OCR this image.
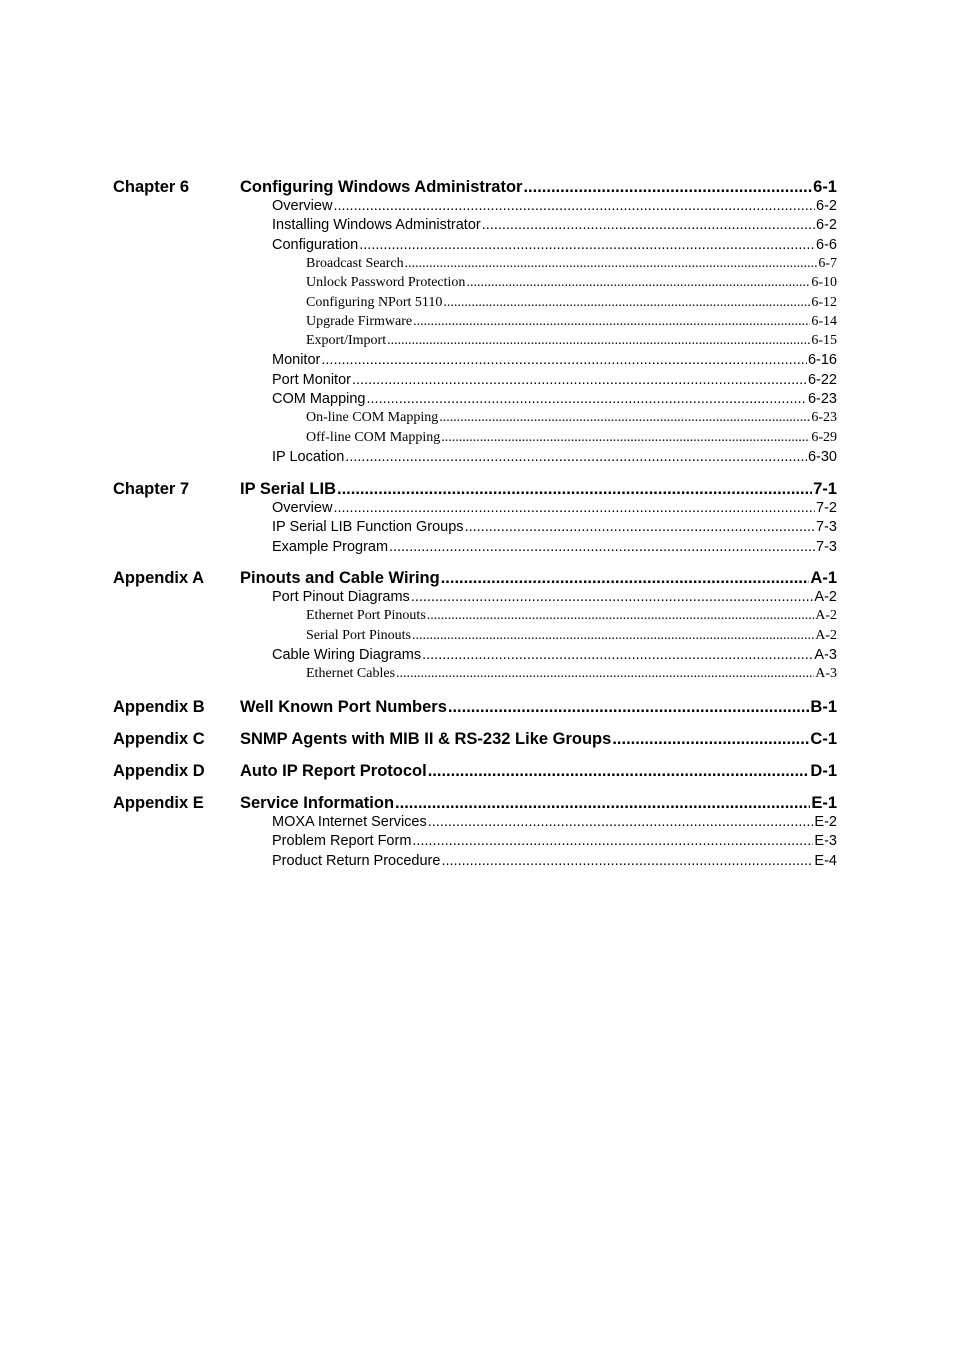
Chapter 6	Configuring Windows Administrator .....	6-1
Overview .....	6-2
Installing Windows Administrator .....	6-2
Configuration .....	6-6
Broadcast Search .....	6-7
Unlock Password Protection .....	6-10
Configuring NPort 5110 .....	6-12
Upgrade Firmware .....	6-14
Export/Import .....	6-15
Monitor .....	6-16
Port Monitor .....	6-22
COM Mapping .....	6-23
On-line COM Mapping .....	6-23
Off-line COM Mapping .....	6-29
IP Location .....	6-30
Chapter 7	IP Serial LIB .....	7-1
Overview .....	7-2
IP Serial LIB Function Groups .....	7-3
Example Program .....	7-3
Appendix A Pinouts and Cable Wiring .....	A-1
Port Pinout Diagrams .....	A-2
Ethernet Port Pinouts .....	A-2
Serial Port Pinouts .....	A-2
Cable Wiring Diagrams .....	A-3
Ethernet Cables .....	A-3
Appendix B Well Known Port Numbers .....	B-1
Appendix C SNMP Agents with MIB II & RS-232 Like Groups .....	C-1
Appendix D Auto IP Report Protocol .....	D-1
Appendix E Service Information .....	E-1
MOXA Internet Services .....	E-2
Problem Report Form .....	E-3
Product Return Procedure .....	E-4
